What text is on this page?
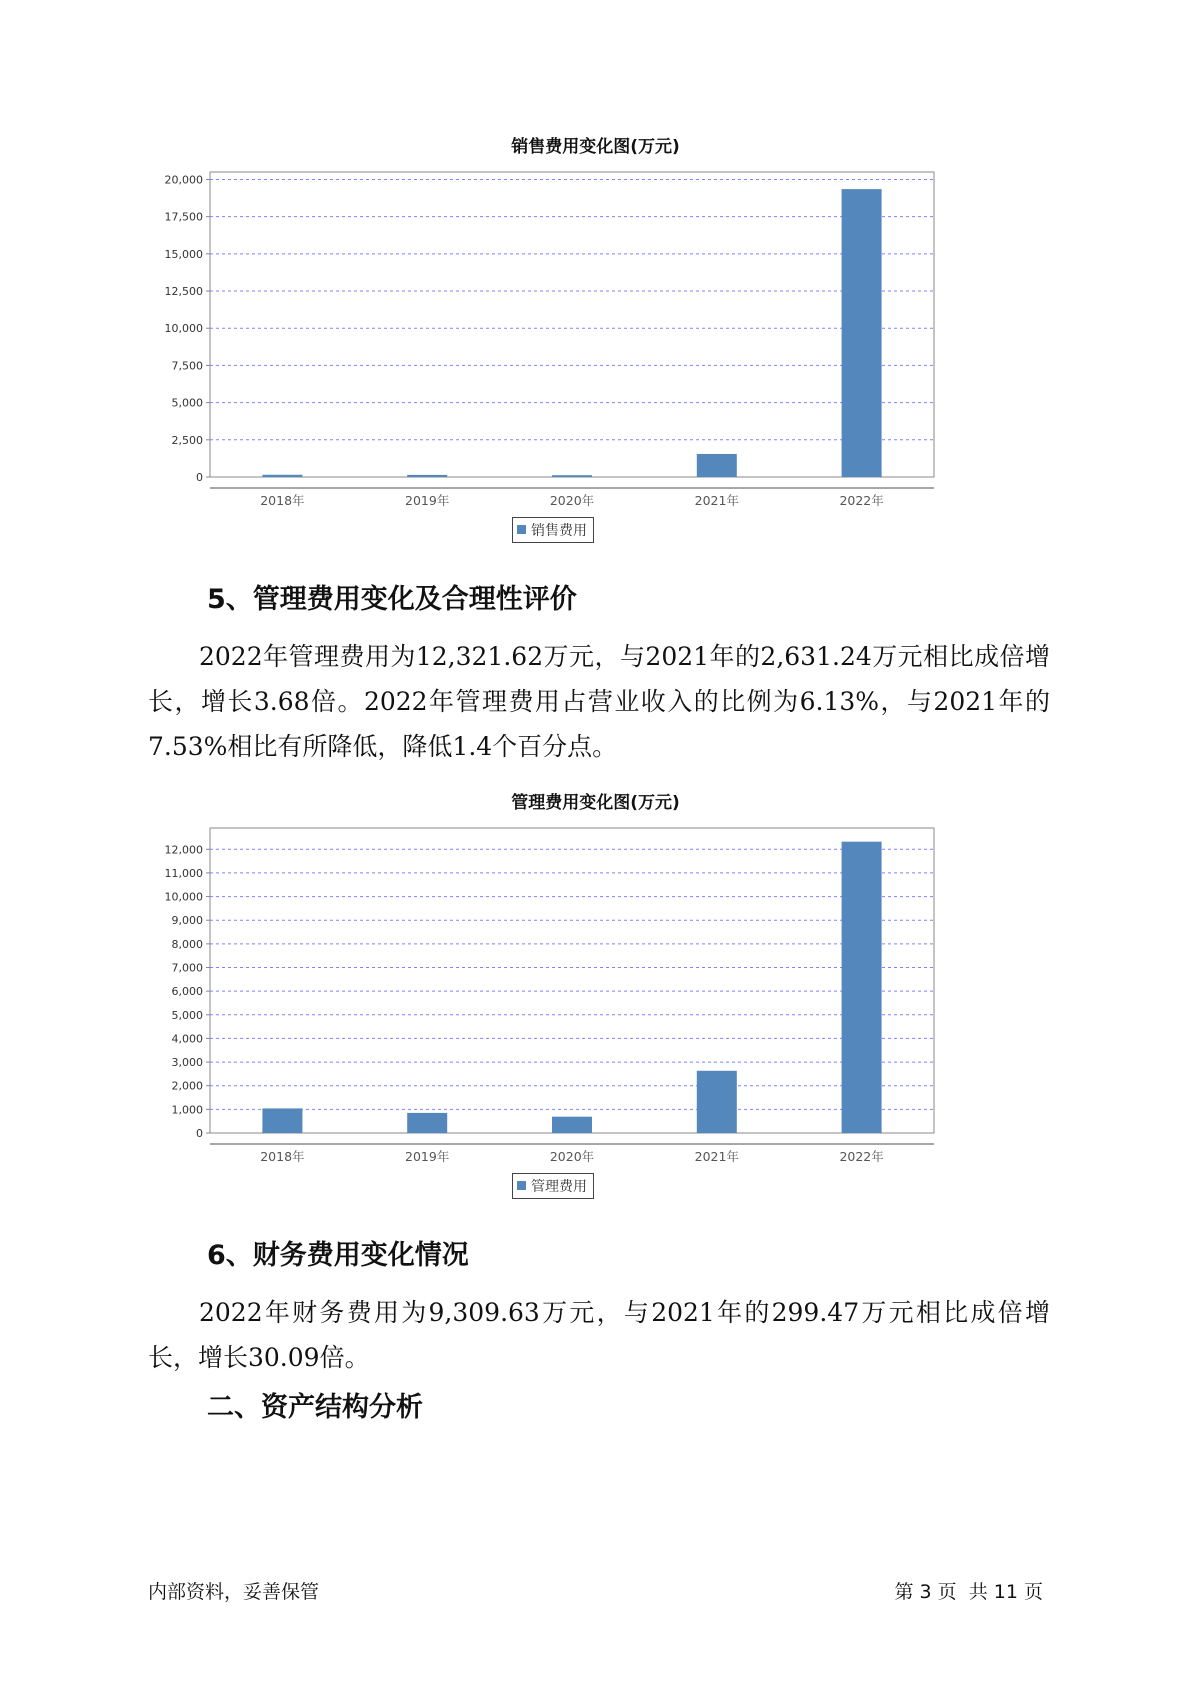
销售费用变化图(万元)
0
2,500
5,000
7,500
10,000
12,500
15,000
17,500
20,000
2018年	2019年	2020年	2021年	2022年
销售费用
5、管理费用变化及合理性评价
2022年管理费用为12,321.62万元，与2021年的2,631.24万元相比成倍增长，增长3.68倍。2022年管理费用占营业收入的比例为6.13%，与2021年的7.53%相比有所降低，降低1.4个百分点。
管理费用变化图(万元)
0
1,000
2,000
3,000
4,000
5,000
6,000
7,000
8,000
9,000
10,000
11,000
12,000
2018年	2019年	2020年	2021年	2022年
管理费用
6、财务费用变化情况
2022年财务费用为9,309.63万元，与2021年的299.47万元相比成倍增长，增长30.09倍。
二、资产结构分析
内部资料，妥善保管	第 3 页  共 11 页
